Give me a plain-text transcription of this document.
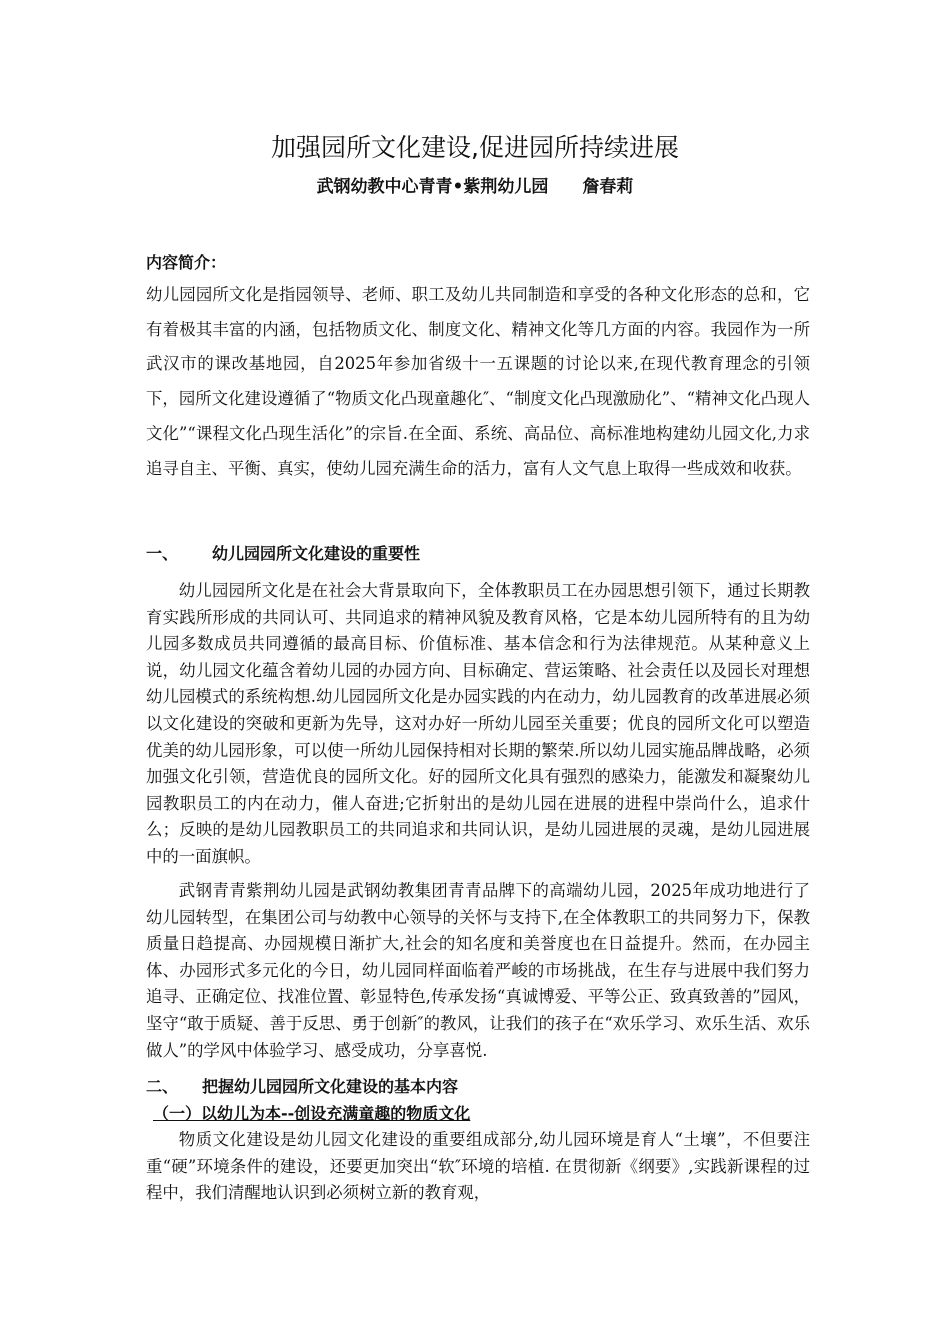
加强园所文化建设,促进园所持续进展
武钢幼教中心青青•紫荆幼儿园 詹春莉
内容简介：
幼儿园园所文化是指园领导、老师、职工及幼儿共同制造和享受的各种文化形态的总和，它有着极其丰富的内涵，包括物质文化、制度文化、精神文化等几方面的内容。我园作为一所武汉市的课改基地园，自2025年参加省级十一五课题的讨论以来,在现代教育理念的引领下，园所文化建设遵循了“物质文化凸现童趣化″、“制度文化凸现激励化”、“精神文化凸现人文化”“课程文化凸现生活化”的宗旨.在全面、系统、高品位、高标准地构建幼儿园文化,力求追寻自主、平衡、真实，使幼儿园充满生命的活力，富有人文气息上取得一些成效和收获。
一、 幼儿园园所文化建设的重要性
幼儿园园所文化是在社会大背景取向下，全体教职员工在办园思想引领下，通过长期教育实践所形成的共同认可、共同追求的精神风貌及教育风格，它是本幼儿园所特有的且为幼儿园多数成员共同遵循的最高目标、价值标准、基本信念和行为法律规范。从某种意义上说，幼儿园文化蕴含着幼儿园的办园方向、目标确定、营运策略、社会责任以及园长对理想幼儿园模式的系统构想.幼儿园园所文化是办园实践的内在动力，幼儿园教育的改革进展必须以文化建设的突破和更新为先导，这对办好一所幼儿园至关重要；优良的园所文化可以塑造优美的幼儿园形象，可以使一所幼儿园保持相对长期的繁荣.所以幼儿园实施品牌战略，必须加强文化引领，营造优良的园所文化。好的园所文化具有强烈的感染力，能激发和凝聚幼儿园教职员工的内在动力，催人奋进;它折射出的是幼儿园在进展的进程中崇尚什么，追求什么；反映的是幼儿园教职员工的共同追求和共同认识，是幼儿园进展的灵魂，是幼儿园进展中的一面旗帜。
武钢青青紫荆幼儿园是武钢幼教集团青青品牌下的高端幼儿园，2025年成功地进行了幼儿园转型，在集团公司与幼教中心领导的关怀与支持下,在全体教职工的共同努力下，保教质量日趋提高、办园规模日渐扩大,社会的知名度和美誉度也在日益提升。然而，在办园主体、办园形式多元化的今日，幼儿园同样面临着严峻的市场挑战，在生存与进展中我们努力追寻、正确定位、找准位置、彰显特色,传承发扬“真诚博爱、平等公正、致真致善的”园风，坚守“敢于质疑、善于反思、勇于创新″的教风，让我们的孩子在“欢乐学习、欢乐生活、欢乐做人”的学风中体验学习、感受成功，分享喜悦.
二、 把握幼儿园园所文化建设的基本内容
（一）以幼儿为本--创设充满童趣的物质文化
物质文化建设是幼儿园文化建设的重要组成部分,幼儿园环境是育人“土壤”，不但要注重“硬”环境条件的建设，还要更加突出“软″环境的培植. 在贯彻新《纲要》,实践新课程的过程中，我们清醒地认识到必须树立新的教育观，
